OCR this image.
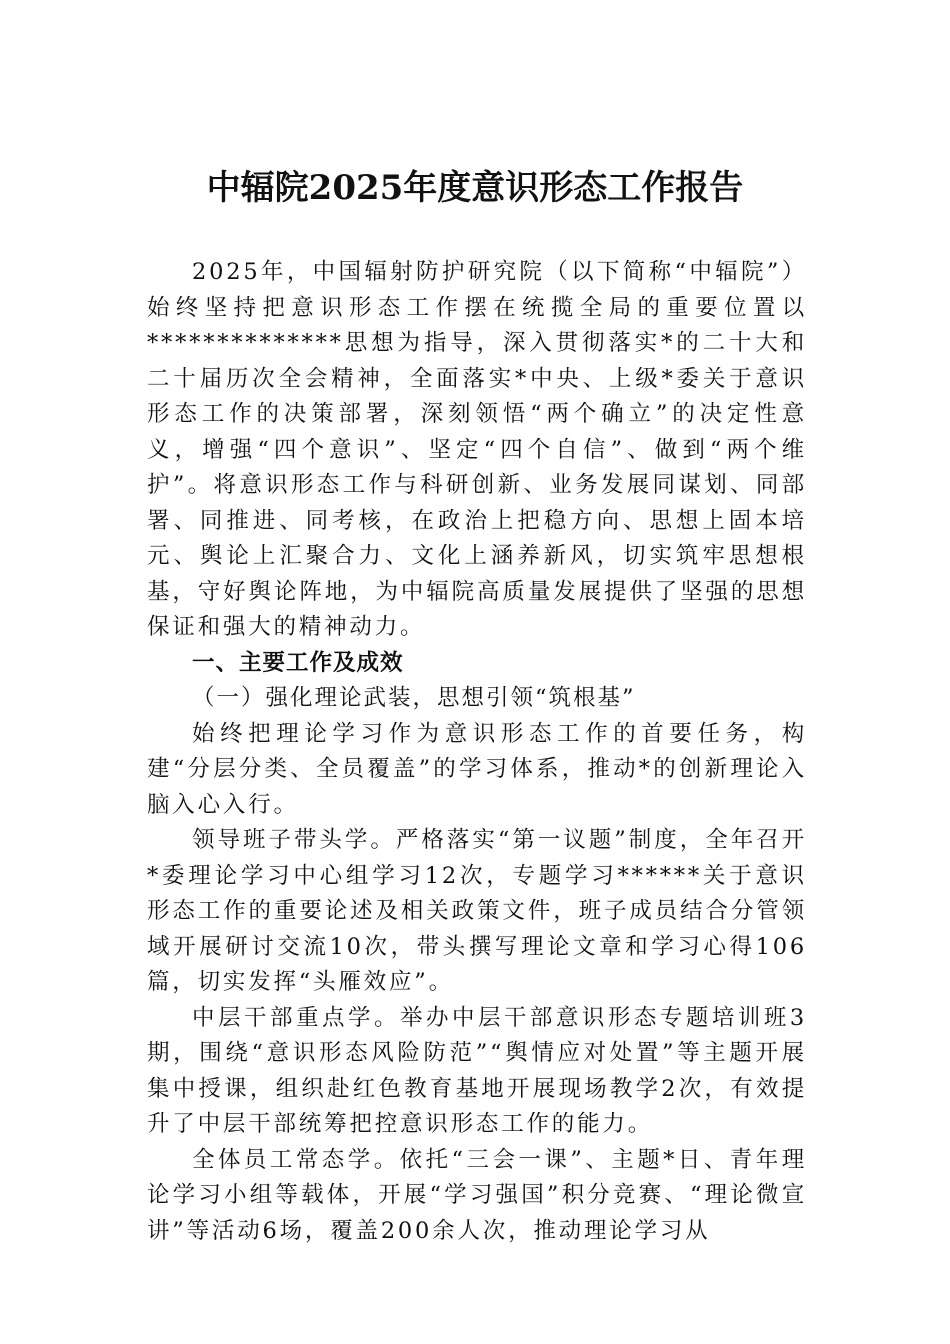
中辐院2025年度意识形态工作报告

2025年，中国辐射防护研究院（以下简称“中辐院”）始终坚持把意识形态工作摆在统揽全局的重要位置以**************思想为指导，深入贯彻落实*的二十大和二十届历次全会精神，全面落实*中央、上级*委关于意识形态工作的决策部署，深刻领悟“两个确立”的决定性意义，增强“四个意识”、坚定“四个自信”、做到“两个维护”。将意识形态工作与科研创新、业务发展同谋划、同部署、同推进、同考核，在政治上把稳方向、思想上固本培元、舆论上汇聚合力、文化上涵养新风，切实筑牢思想根基，守好舆论阵地，为中辐院高质量发展提供了坚强的思想保证和强大的精神动力。

一、主要工作及成效

（一）强化理论武装，思想引领“筑根基”

始终把理论学习作为意识形态工作的首要任务，构建“分层分类、全员覆盖”的学习体系，推动*的创新理论入脑入心入行。

领导班子带头学。严格落实“第一议题”制度，全年召开*委理论学习中心组学习12次，专题学习******关于意识形态工作的重要论述及相关政策文件，班子成员结合分管领域开展研讨交流10次，带头撰写理论文章和学习心得106篇，切实发挥“头雁效应”。

中层干部重点学。举办中层干部意识形态专题培训班3期，围绕“意识形态风险防范”“舆情应对处置”等主题开展集中授课，组织赴红色教育基地开展现场教学2次，有效提升了中层干部统筹把控意识形态工作的能力。

全体员工常态学。依托“三会一课”、主题*日、青年理论学习小组等载体，开展“学习强国”积分竞赛、“理论微宣讲”等活动6场，覆盖200余人次，推动理论学习从
